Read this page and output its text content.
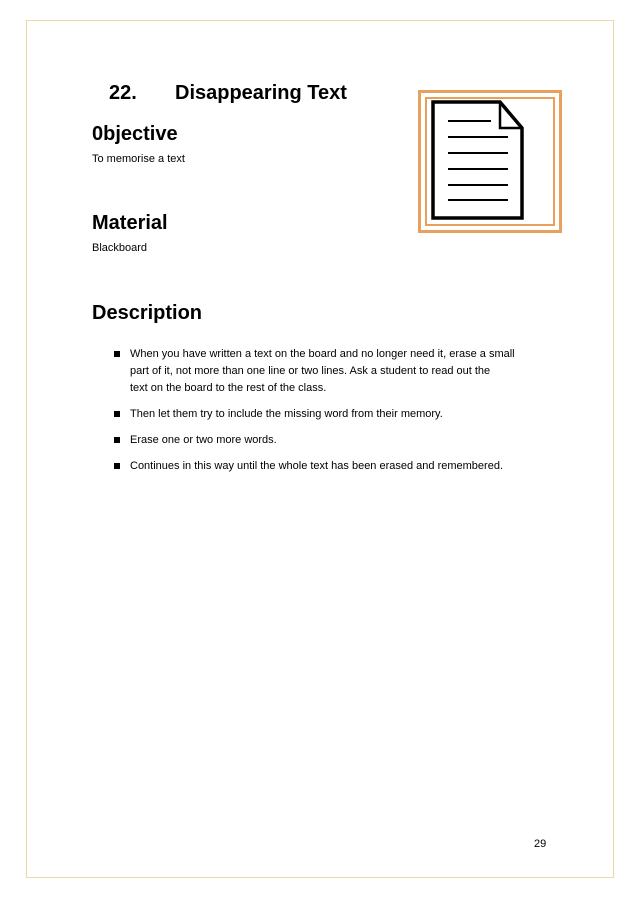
22. Disappearing Text
0bjective
To memorise a text
Material
Blackboard
Description
When you have written a text on the board and no longer need it, erase a small
part of it, not more than one line or two lines. Ask a student to read out the
text on the board to the rest of the class.
Then let them try to include the missing word from their memory.
Erase one or two more words.
Continues in this way until the whole text has been erased and remembered.
29
